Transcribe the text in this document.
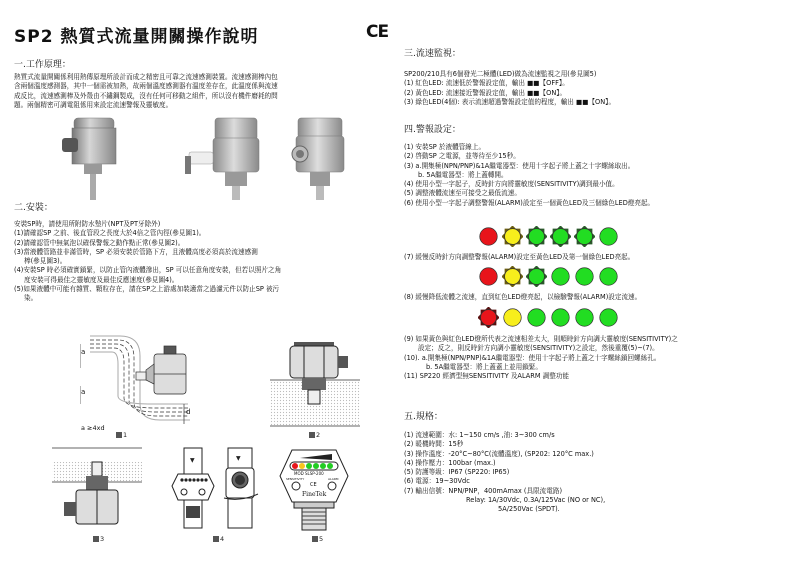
SP2 熱質式流量開關操作說明	CE
一.工作原理：
熱質式流量開關係利用熱傳原理所設計而成之精密且可靠之流速感測裝置。流速感測棒內包
含兩個溫度感測器，其中一個需被加熱，故兩個溫度感測器有溫度差存在，此溫度係與流速
成反比，流速感測棒及外殼由不鏽鋼製成，沒有任何可移動之組件，所以沒有機件磨耗的問
題。兩個精密可調電阻係用來設定流速警報及靈敏度。
二.安裝：
安裝SP時，請使用所附防水墊片(NPT及PT牙除外)
(1)請確認SP 之前、後直管段之長度大於4倍之管內徑(參見圖1)。
(2)請確認管中無氣泡以確保警報之動作點正常(參見圖2)。
(3)當液體管路並非滿管時，SP 必須安裝於管路下方，且液體高度必須高於流速感測
棒(參見圖3)。
(4)安裝SP 時必須確實鎖緊，以防止管內液體滲出，SP 可以任意角度安裝，但若以照片之角
度安裝可得最佳之靈敏度及最佳反應速度(參見圖4)。
(5)如果液體中可能有雜質、顆粒存在，請在SP之上游處加裝適當之過濾元件以防止SP 被污
染。
a
a
d
a ≥4xd
1	2
3
▼	▼
4
MOD SLSP-200
SENSITIVITY	ALARM
CE
FineTek
5
三.流速監視：
SP200/210具有6個發光二極體(LED)做為流速監視之用(參見圖5)
(1) 紅色LED: 流速低於警報設定值，輸出 ■■【OFF】。
(2) 黃色LED: 流速接近警報設定值，輸出 ■■【ON】。
(3) 綠色LED(4個): 表示流速超過警報設定值的程度，輸出 ■■【ON】。
四.警報設定：
(1) 安裝SP 於液體管線上。
(2) 啓動SP 之電源，並等待至少15秒。
(3) a.開集極(NPN/PNP)&1A繼電器型：使用十字起子將上蓋之十字螺絲取出。
b. 5A繼電器型：將上蓋轉開。
(4) 使用小型一字起子，反時針方向將靈敏度(SENSITIVITY)調到最小值。
(5) 調整液體流速至可接受之最低流速。
(6) 使用小型一字起子調整警報(ALARM)設定至一個黃色LED及三個綠色LED燈亮起。
(7) 緩慢反時針方向調整警報(ALARM)設定至黃色LED及第一個綠色LED亮起。
(8) 緩慢降低流體之流速，直到紅色LED燈亮起，以檢驗警報(ALARM)設定流速。
(9) 如果黃色與紅色LED燈所代表之流速相差太大，則順時針方向調大靈敏度(SENSITIVITY)之
設定；反之，則反時針方向調小靈敏度(SENSITIVITY)之設定，然後重覆(5)~(7)。
(10). a.開集極(NPN/PNP)&1A繼電器型：使用十字起子將上蓋之十字螺絲鎖回螺絲孔。
b. 5A繼電器型：將上蓋蓋上並用鎖緊。
(11) SP220 經濟型無SENSITIVITY 及ALARM 調整功能
五.規格：
(1) 流速範圍：水: 1~150 cm/s ,油: 3~300 cm/s
(2) 暖機時間：15秒
(3) 操作溫度：-20°C~80°C(流體溫度), (SP202: 120°C max.)
(4) 操作壓力：100bar (max.)
(5) 防護等級：IP67 (SP220: IP65)
(6) 電源：19~30Vdc
(7) 輸出信號：NPN/PNP，400mAmax (具限流電路)
Relay: 1A/30Vdc, 0.3A/125Vac (NO or NC),
5A/250Vac (SPDT).
